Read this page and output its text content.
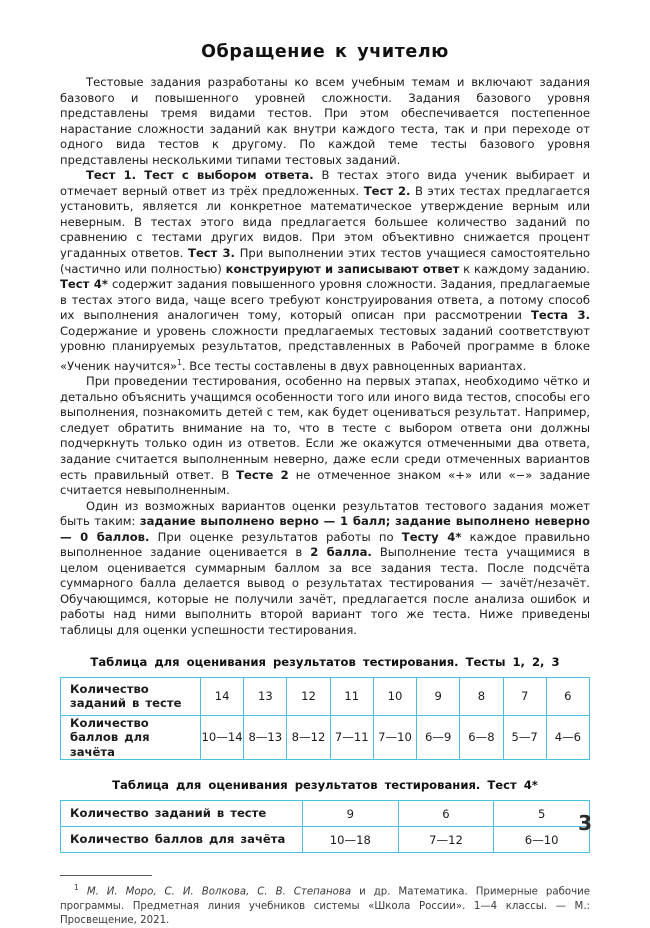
Обращение к учителю

Тестовые задания разработаны ко всем учебным темам и включают задания базового и повышенного уровней сложности. Задания базового уровня представлены тремя видами тестов. При этом обеспечивается постепенное нарастание сложности заданий как внутри каждого теста, так и при переходе от одного вида тестов к другому. По каждой теме тесты базового уровня представлены несколькими типами тестовых заданий.

Тест 1. Тест с выбором ответа. В тестах этого вида ученик выбирает и отмечает верный ответ из трёх предложенных. Тест 2. В этих тестах предлагается установить, является ли конкретное математическое утверждение верным или неверным. В тестах этого вида предлагается большее количество заданий по сравнению с тестами других видов. При этом объективно снижается процент угаданных ответов. Тест 3. При выполнении этих тестов учащиеся самостоятельно (частично или полностью) конструируют и записывают ответ к каждому заданию. Тест 4* содержит задания повышенного уровня сложности. Задания, предлагаемые в тестах этого вида, чаще всего требуют конструирования ответа, а потому способ их выполнения аналогичен тому, который описан при рассмотрении Теста 3. Содержание и уровень сложности предлагаемых тестовых заданий соответствуют уровню планируемых результатов, представленных в Рабочей программе в блоке «Ученик научится»$^1$. Все тесты составлены в двух равноценных вариантах.

При проведении тестирования, особенно на первых этапах, необходимо чётко и детально объяснить учащимся особенности того или иного вида тестов, способы его выполнения, познакомить детей с тем, как будет оцениваться результат. Например, следует обратить внимание на то, что в тесте с выбором ответа они должны подчеркнуть только один из ответов. Если же окажутся отмеченными два ответа, задание считается выполненным неверно, даже если среди отмеченных вариантов есть правильный ответ. В Тесте 2 не отмеченное знаком «+» или «−» задание считается невыполненным.

Один из возможных вариантов оценки результатов тестового задания может быть таким: задание выполнено верно — 1 балл; задание выполнено неверно — 0 баллов. При оценке результатов работы по Тесту 4* каждое правильно выполненное задание оценивается в 2 балла. Выполнение теста учащимися в целом оценивается суммарным баллом за все задания теста. После подсчёта суммарного балла делается вывод о результатах тестирования — зачёт/незачёт. Обучающимся, которые не получили зачёт, предлагается после анализа ошибок и работы над ними выполнить второй вариант того же теста. Ниже приведены таблицы для оценки успешности тестирования.

Таблица для оценивания результатов тестирования. Тесты 1, 2, 3

Количество
заданий в тесте	14	13	12	11	10	9	8	7	6
Количество
баллов для зачёта	10—14	8—13	8—12	7—11	7—10	6—9	6—8	5—7	4—6

Таблица для оценивания результатов тестирования. Тест 4*

Количество заданий в тесте	9	6	5
Количество баллов для зачёта	10—18	7—12	6—10

$^1$ М. И. Моро, С. И. Волкова, С. В. Степанова и др. Математика. Примерные рабочие программы. Предметная линия учебников системы «Школа России». 1—4 классы. — М.: Просвещение, 2021.

3
